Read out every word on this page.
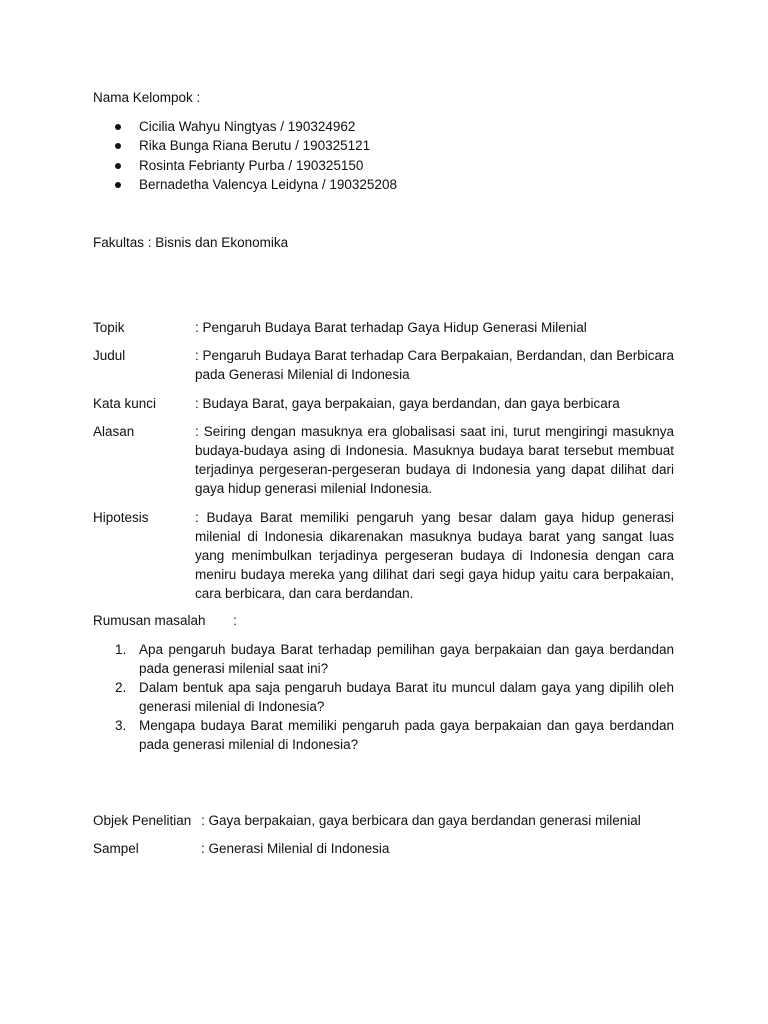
Nama Kelompok :
Cicilia Wahyu Ningtyas / 190324962
Rika Bunga Riana Berutu / 190325121
Rosinta Febrianty Purba / 190325150
Bernadetha Valencya Leidyna / 190325208
Fakultas : Bisnis dan Ekonomika
Topik	: Pengaruh Budaya Barat terhadap Gaya Hidup Generasi Milenial
Judul	: Pengaruh Budaya Barat terhadap Cara Berpakaian, Berdandan, dan Berbicara pada Generasi Milenial di Indonesia
Kata kunci	: Budaya Barat, gaya berpakaian, gaya berdandan, dan gaya berbicara
Alasan	: Seiring dengan masuknya era globalisasi saat ini, turut mengiringi masuknya budaya-budaya asing di Indonesia. Masuknya budaya barat tersebut membuat terjadinya pergeseran-pergeseran budaya di Indonesia yang dapat dilihat dari gaya hidup generasi milenial Indonesia.
Hipotesis	: Budaya Barat memiliki pengaruh yang besar dalam gaya hidup generasi milenial di Indonesia dikarenakan masuknya budaya barat yang sangat luas yang menimbulkan terjadinya pergeseran budaya di Indonesia dengan cara meniru budaya mereka yang dilihat dari segi gaya hidup yaitu cara berpakaian, cara berbicara, dan cara berdandan.
Rumusan masalah :
1. Apa pengaruh budaya Barat terhadap pemilihan gaya berpakaian dan gaya berdandan pada generasi milenial saat ini?
2. Dalam bentuk apa saja pengaruh budaya Barat itu muncul dalam gaya yang dipilih oleh generasi milenial di Indonesia?
3. Mengapa budaya Barat memiliki pengaruh pada gaya berpakaian dan gaya berdandan pada generasi milenial di Indonesia?
Objek Penelitian : Gaya berpakaian, gaya berbicara dan gaya berdandan generasi milenial
Sampel	: Generasi Milenial di Indonesia
